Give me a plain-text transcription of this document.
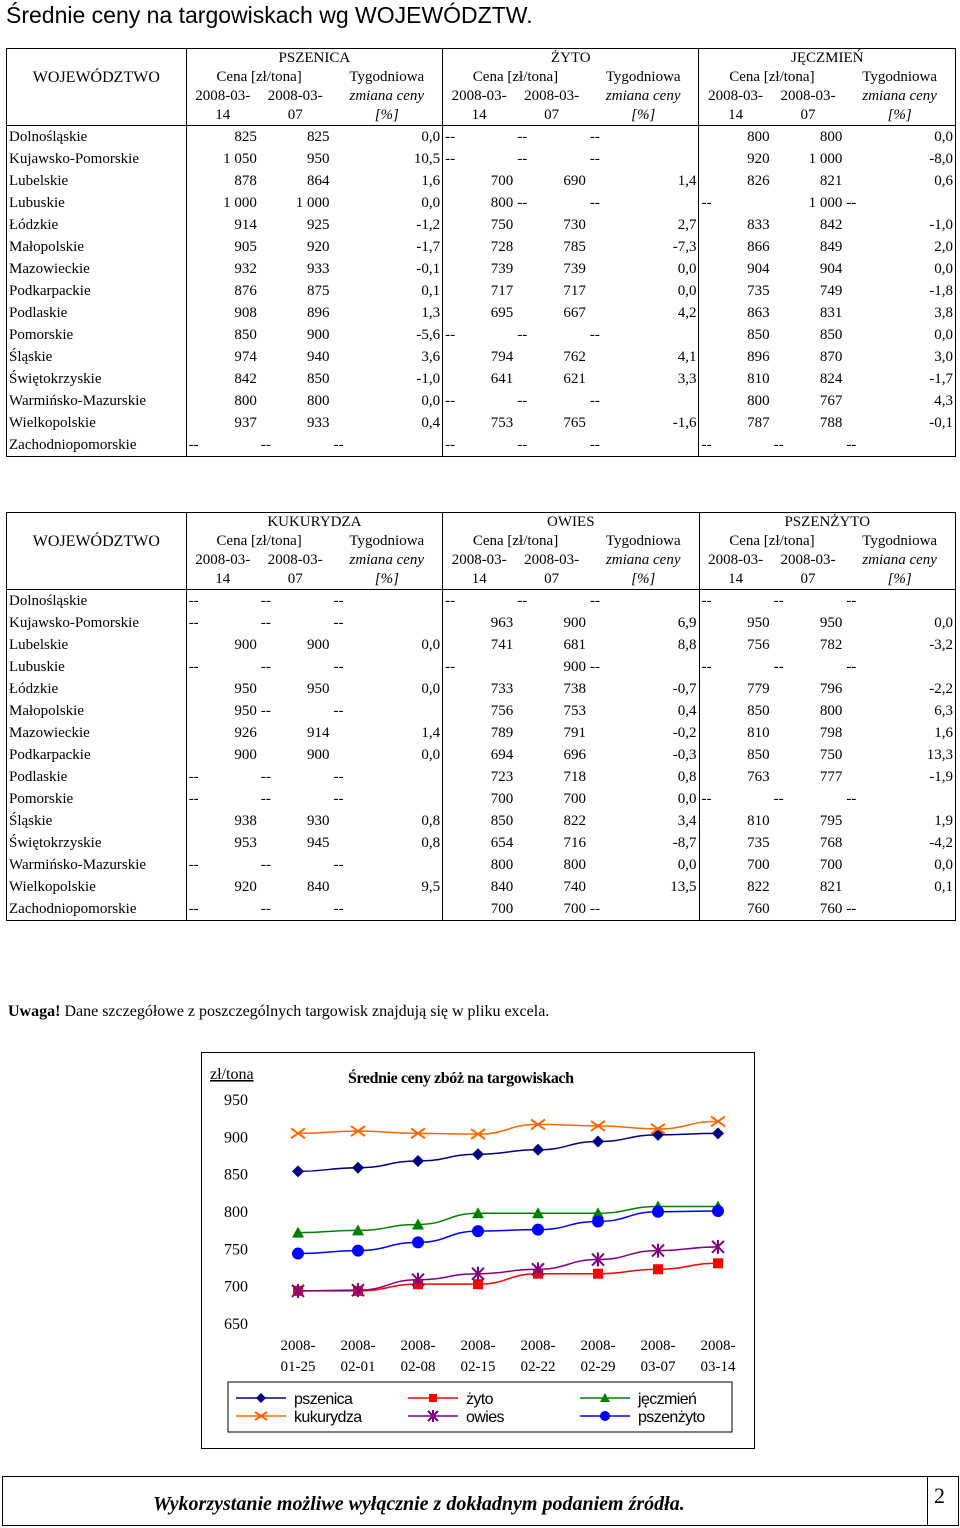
Średnie ceny na targowiskach wg WOJEWÓDZTW.
	PSZENICA			ŻYTO			JĘCZMIEŃ		
WOJEWÓDZTWO	Cena [zł/tona]		Tygodniowa	Cena [zł/tona]		Tygodniowa	Cena [zł/tona]		Tygodniowa
	2008-03-	2008-03-	zmiana ceny	2008-03-	2008-03-	zmiana ceny	2008-03-	2008-03-	zmiana ceny
	14	07	[%]	14	07	[%]	14	07	[%]
Dolnośląskie	825	825	0,0	--	--	--	800	800	0,0
Kujawsko-Pomorskie	1 050	950	10,5	--	--	--	920	1 000	-8,0
Lubelskie	878	864	1,6	700	690	1,4	826	821	0,6
Lubuskie	1 000	1 000	0,0	800	--	--	--	1 000	--
Łódzkie	914	925	-1,2	750	730	2,7	833	842	-1,0
Małopolskie	905	920	-1,7	728	785	-7,3	866	849	2,0
Mazowieckie	932	933	-0,1	739	739	0,0	904	904	0,0
Podkarpackie	876	875	0,1	717	717	0,0	735	749	-1,8
Podlaskie	908	896	1,3	695	667	4,2	863	831	3,8
Pomorskie	850	900	-5,6	--	--	--	850	850	0,0
Śląskie	974	940	3,6	794	762	4,1	896	870	3,0
Świętokrzyskie	842	850	-1,0	641	621	3,3	810	824	-1,7
Warmińsko-Mazurskie	800	800	0,0	--	--	--	800	767	4,3
Wielkopolskie	937	933	0,4	753	765	-1,6	787	788	-0,1
Zachodniopomorskie	--	--	--	--	--	--	--	--	--
	KUKURYDZA			OWIES			PSZENŻYTO		
WOJEWÓDZTWO	Cena [zł/tona]		Tygodniowa	Cena [zł/tona]		Tygodniowa	Cena [zł/tona]		Tygodniowa
	2008-03-	2008-03-	zmiana ceny	2008-03-	2008-03-	zmiana ceny	2008-03-	2008-03-	zmiana ceny
	14	07	[%]	14	07	[%]	14	07	[%]
Dolnośląskie	--	--	--	--	--	--	--	--	--
Kujawsko-Pomorskie	--	--	--	963	900	6,9	950	950	0,0
Lubelskie	900	900	0,0	741	681	8,8	756	782	-3,2
Lubuskie	--	--	--	--	900	--	--	--	--
Łódzkie	950	950	0,0	733	738	-0,7	779	796	-2,2
Małopolskie	950	--	--	756	753	0,4	850	800	6,3
Mazowieckie	926	914	1,4	789	791	-0,2	810	798	1,6
Podkarpackie	900	900	0,0	694	696	-0,3	850	750	13,3
Podlaskie	--	--	--	723	718	0,8	763	777	-1,9
Pomorskie	--	--	--	700	700	0,0	--	--	--
Śląskie	938	930	0,8	850	822	3,4	810	795	1,9
Świętokrzyskie	953	945	0,8	654	716	-8,7	735	768	-4,2
Warmińsko-Mazurskie	--	--	--	800	800	0,0	700	700	0,0
Wielkopolskie	920	840	9,5	840	740	13,5	822	821	0,1
Zachodniopomorskie	--	--	--	700	700	--	760	760	--
Uwaga! Dane szczegółowe z poszczególnych targowisk znajdują się w pliku excela.
zł/tona	Średnie ceny zbóż na targowiskach
950
900
850
800
750
700
650
2008-
01-25
2008-
02-01
2008-
02-08
2008-
02-15
2008-
02-22
2008-
02-29
2008-
03-07
2008-
03-14
pszenica	żyto	jęczmień
kukurydza	owies	pszenżyto
Wykorzystanie możliwe wyłącznie z dokładnym podaniem źródła.	2
